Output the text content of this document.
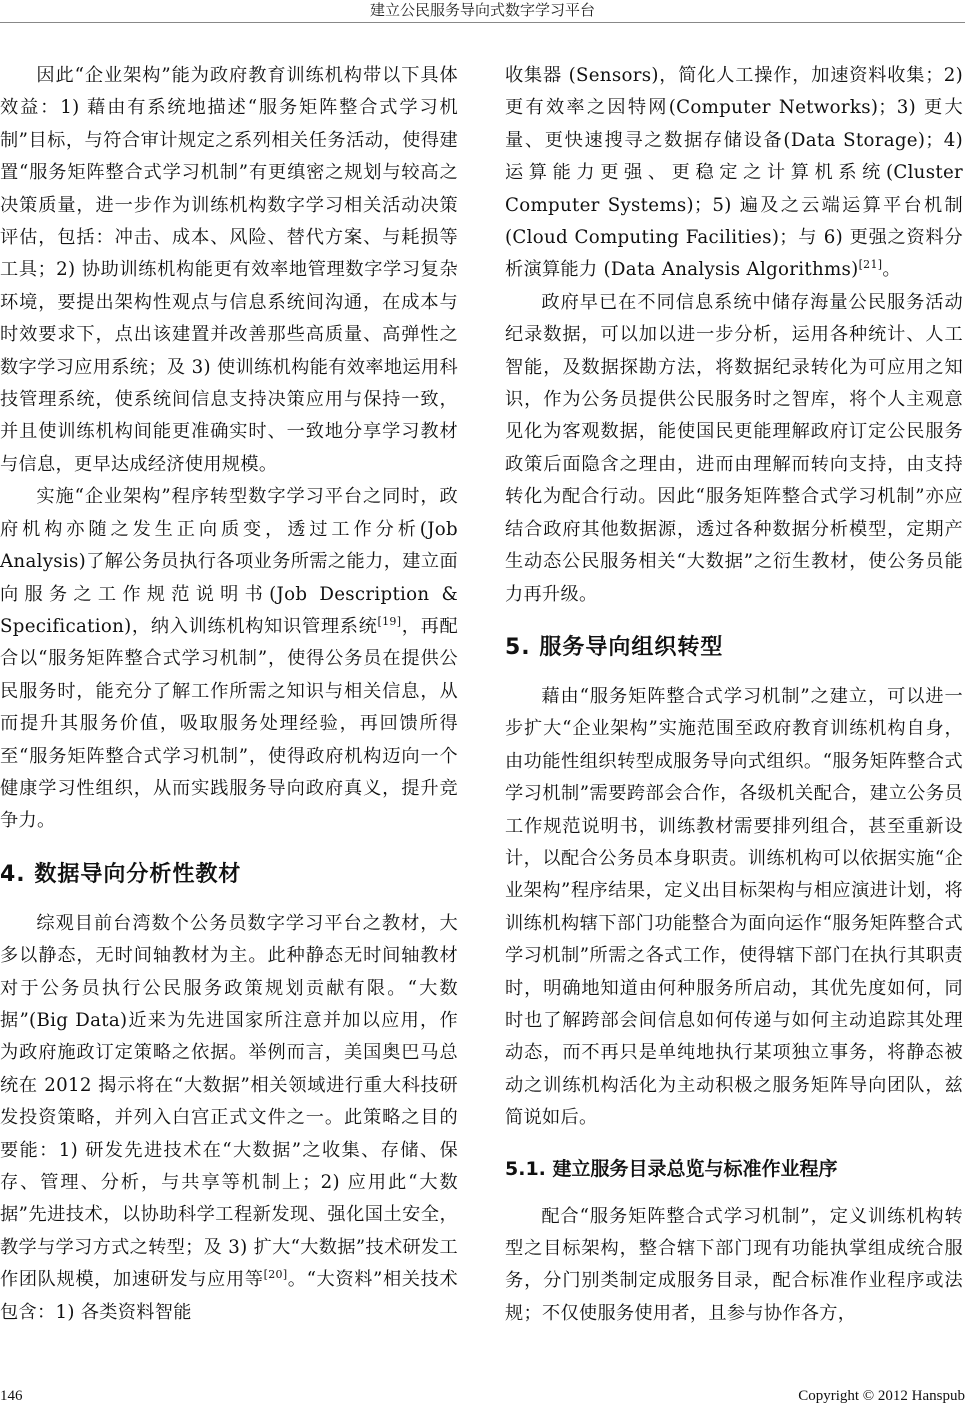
建立公民服务导向式数字学习平台

因此“企业架构”能为政府教育训练机构带以下具体效益：1) 藉由有系统地描述“服务矩阵整合式学习机制”目标，与符合审计规定之系列相关任务活动，使得建置“服务矩阵整合式学习机制”有更缜密之规划与较高之决策质量，进一步作为训练机构数字学习相关活动决策评估，包括：冲击、成本、风险、替代方案、与耗损等工具；2) 协助训练机构能更有效率地管理数字学习复杂环境，要提出架构性观点与信息系统间沟通，在成本与时效要求下，点出该建置并改善那些高质量、高弹性之数字学习应用系统；及 3) 使训练机构能有效率地运用科技管理系统，使系统间信息支持决策应用与保持一致，并且使训练机构间能更准确实时、一致地分享学习教材与信息，更早达成经济使用规模。

实施“企业架构”程序转型数字学习平台之同时，政府机构亦随之发生正向质变，透过工作分析(Job Analysis)了解公务员执行各项业务所需之能力，建立面向服务之工作规范说明书(Job Description & Specification)，纳入训练机构知识管理系统[19]，再配合以“服务矩阵整合式学习机制”，使得公务员在提供公民服务时，能充分了解工作所需之知识与相关信息，从而提升其服务价值，吸取服务处理经验，再回馈所得至“服务矩阵整合式学习机制”，使得政府机构迈向一个健康学习性组织，从而实践服务导向政府真义，提升竞争力。

4. 数据导向分析性教材

综观目前台湾数个公务员数字学习平台之教材，大多以静态，无时间轴教材为主。此种静态无时间轴教材对于公务员执行公民服务政策规划贡献有限。“大数据”(Big Data)近来为先进国家所注意并加以应用，作为政府施政订定策略之依据。举例而言，美国奥巴马总统在 2012 揭示将在“大数据”相关领域进行重大科技研发投资策略，并列入白宫正式文件之一。此策略之目的要能：1) 研发先进技术在“大数据”之收集、存储、保存、管理、分析，与共享等机制上；2) 应用此“大数据”先进技术，以协助科学工程新发现、强化国土安全，教学与学习方式之转型；及 3) 扩大“大数据”技术研发工作团队规模，加速研发与应用等[20]。“大资料”相关技术包含：1) 各类资料智能

收集器 (Sensors)，简化人工操作，加速资料收集；2) 更有效率之因特网(Computer Networks)；3) 更大量、更快速搜寻之数据存储设备(Data Storage)；4) 运算能力更强、更稳定之计算机系统(Cluster Computer Systems)；5) 遍及之云端运算平台机制(Cloud Computing Facilities)；与 6) 更强之资料分析演算能力 (Data Analysis Algorithms)[21]。

政府早已在不同信息系统中储存海量公民服务活动纪录数据，可以加以进一步分析，运用各种统计、人工智能，及数据探勘方法，将数据纪录转化为可应用之知识，作为公务员提供公民服务时之智库，将个人主观意见化为客观数据，能使国民更能理解政府订定公民服务政策后面隐含之理由，进而由理解而转向支持，由支持转化为配合行动。因此“服务矩阵整合式学习机制”亦应结合政府其他数据源，透过各种数据分析模型，定期产生动态公民服务相关“大数据”之衍生教材，使公务员能力再升级。

5. 服务导向组织转型

藉由“服务矩阵整合式学习机制”之建立，可以进一步扩大“企业架构”实施范围至政府教育训练机构自身，由功能性组织转型成服务导向式组织。“服务矩阵整合式学习机制”需要跨部会合作，各级机关配合，建立公务员工作规范说明书，训练教材需要排列组合，甚至重新设计，以配合公务员本身职责。训练机构可以依据实施“企业架构”程序结果，定义出目标架构与相应演进计划，将训练机构辖下部门功能整合为面向运作“服务矩阵整合式学习机制”所需之各式工作，使得辖下部门在执行其职责时，明确地知道由何种服务所启动，其优先度如何，同时也了解跨部会间信息如何传递与如何主动追踪其处理动态，而不再只是单纯地执行某项独立事务，将静态被动之训练机构活化为主动积极之服务矩阵导向团队，兹简说如后。

5.1. 建立服务目录总览与标准作业程序

配合“服务矩阵整合式学习机制”，定义训练机构转型之目标架构，整合辖下部门现有功能执掌组成统合服务，分门别类制定成服务目录，配合标准作业程序或法规；不仅使服务使用者，且参与协作各方，

146	Copyright © 2012 Hanspub
